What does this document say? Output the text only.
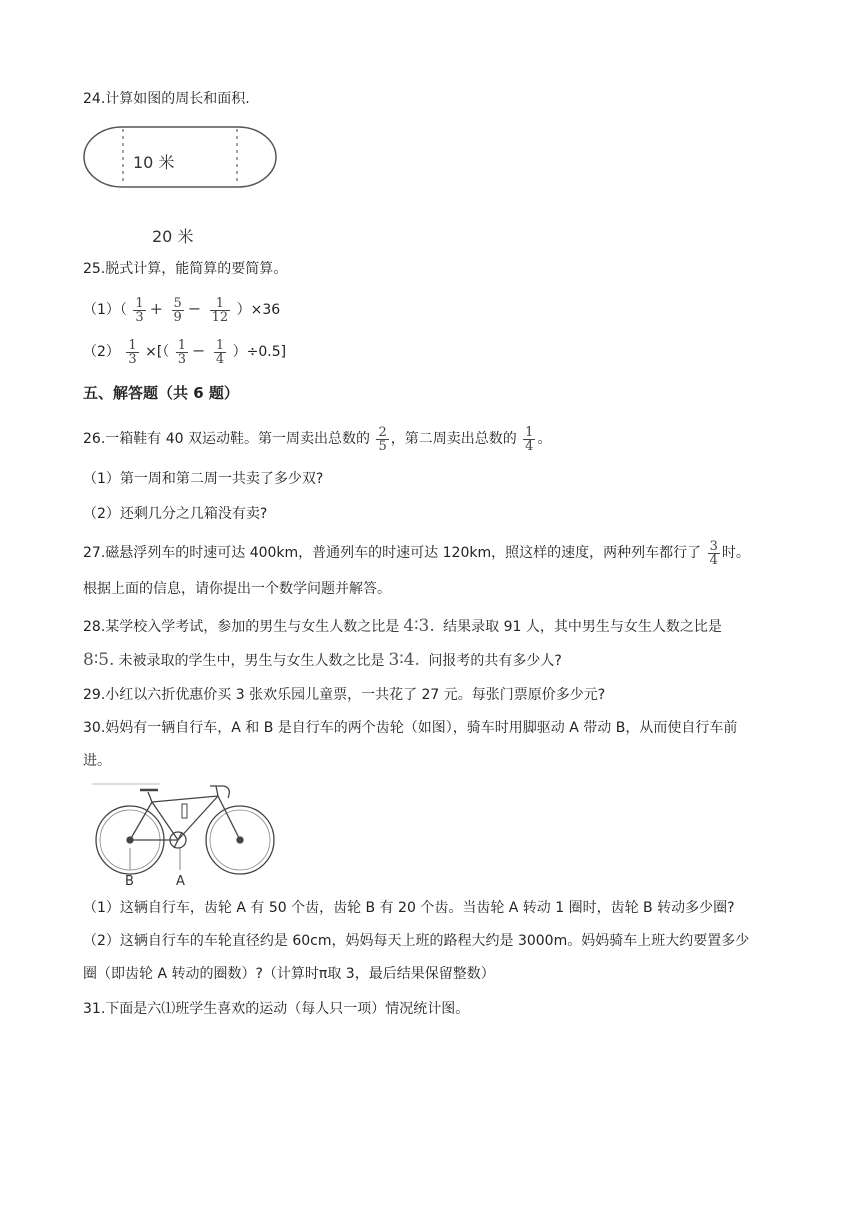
24.计算如图的周长和面积.
10 米
20 米
25.脱式计算，能简算的要简算。
$(1)( \frac{1}{3} + \frac{5}{9} - \frac{1}{12} )\times 36$
$(2) \frac{1}{3}$ ×[（ $\frac{1}{3} - \frac{1}{4} )\div 0.5$]
五、解答题（共 6 题）
26.一箱鞋有 40 双运动鞋。第一周卖出总数的 $\frac{2}{5}$ ，第二周卖出总数的 $\frac{1}{4}$ 。
（1）第一周和第二周一共卖了多少双?
（2）还剩几分之几箱没有卖?
27.磁悬浮列车的时速可达 400km，普通列车的时速可达 120km，照这样的速度，两种列车都行了 $\frac{3}{4}$ 时。
根据上面的信息，请你提出一个数学问题并解答。
28.某学校入学考试，参加的男生与女生人数之比是 4∶3. 结果录取 91 人，其中男生与女生人数之比是
8∶5. 未被录取的学生中，男生与女生人数之比是 3∶4. 问报考的共有多少人?
29.小红以六折优惠价买 3 张欢乐园儿童票，一共花了 27 元。每张门票原价多少元?
30.妈妈有一辆自行车，A 和 B 是自行车的两个齿轮（如图），骑车时用脚驱动 A 带动 B，从而使自行车前
进。
B	A
（1）这辆自行车，齿轮 A 有 50 个齿，齿轮 B 有 20 个齿。当齿轮 A 转动 1 圈时，齿轮 B 转动多少圈?
（2）这辆自行车的车轮直径约是 60cm，妈妈每天上班的路程大约是 3000m。妈妈骑车上班大约要置多少
圈（即齿轮 A 转动的圈数）?（计算时π取 3，最后结果保留整数）
31.下面是六⑴班学生喜欢的运动（每人只一项）情况统计图。
